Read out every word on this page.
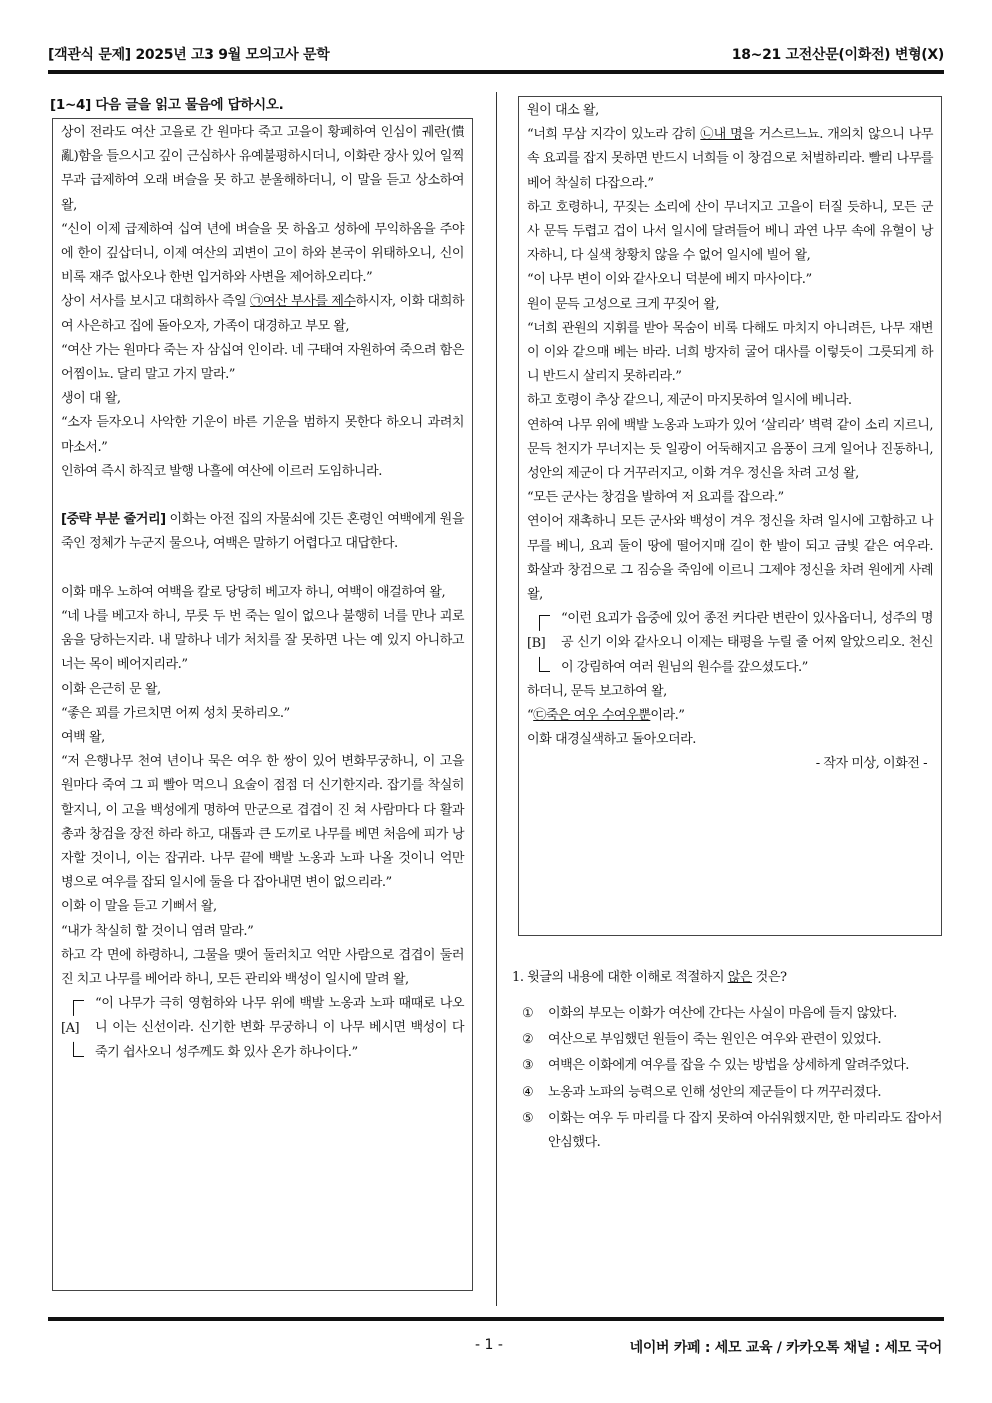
[객관식 문제] 2025년 고3 9월 모의고사 문학	18~21 고전산문(이화전) 변형(X)
[1~4] 다음 글을 읽고 물음에 답하시오.

상이 전라도 여산 고을로 간 원마다 죽고 고을이 황폐하여 인심이 궤란(憒亂)함을 들으시고 깊이 근심하사 유예불평하시더니, 이화란 장사 있어 일찍 무과 급제하여 오래 벼슬을 못 하고 분울해하더니, 이 말을 듣고 상소하여 왈,

“신이 이제 급제하여 십여 년에 벼슬을 못 하옵고 성하에 무익하옴을 주야에 한이 깊삽더니, 이제 여산의 괴변이 고이 하와 본국이 위태하오니, 신이 비록 재주 없사오나 한번 입거하와 사변을 제어하오리다.”

상이 서사를 보시고 대희하사 즉일 ㉠여산 부사를 제수하시자, 이화 대희하여 사은하고 집에 돌아오자, 가족이 대경하고 부모 왈,

“여산 가는 원마다 죽는 자 삼십여 인이라. 네 구태여 자원하여 죽으려 함은 어찜이뇨. 달리 말고 가지 말라.”

생이 대 왈,

“소자 듣자오니 사악한 기운이 바른 기운을 범하지 못한다 하오니 과려치 마소서.”

인하여 즉시 하직코 발행 나흘에 여산에 이르러 도임하니라.

[중략 부분 줄거리] 이화는 아전 집의 자물쇠에 깃든 혼령인 여백에게 원을 죽인 정체가 누군지 물으나, 여백은 말하기 어렵다고 대답한다.

이화 매우 노하여 여백을 칼로 당당히 베고자 하니, 여백이 애걸하여 왈,

“네 나를 베고자 하니, 무릇 두 번 죽는 일이 없으나 불행히 너를 만나 괴로움을 당하는지라. 내 말하나 네가 처치를 잘 못하면 나는 예 있지 아니하고 너는 목이 베어지리라.”

이화 은근히 문 왈,

“좋은 꾀를 가르치면 어찌 성치 못하리오.”

여백 왈,

“저 은행나무 천여 년이나 묵은 여우 한 쌍이 있어 변화무궁하니, 이 고을 원마다 죽여 그 피 빨아 먹으니 요술이 점점 더 신기한지라. 잡기를 착실히 할지니, 이 고을 백성에게 명하여 만군으로 겹겹이 진 쳐 사람마다 다 활과 총과 창검을 장전 하라 하고, 대톱과 큰 도끼로 나무를 베면 처음에 피가 낭자할 것이니, 이는 잡귀라. 나무 끝에 백발 노옹과 노파 나올 것이니 억만 병으로 여우를 잡되 일시에 둘을 다 잡아내면 변이 없으리라.”

이화 이 말을 듣고 기뻐서 왈,

“내가 착실히 할 것이니 염려 말라.”

하고 각 면에 하령하니, 그물을 맺어 둘러치고 억만 사람으로 겹겹이 둘러 진 치고 나무를 베어라 하니, 모든 관리와 백성이 일시에 말려 왈,

[A]

“이 나무가 극히 영험하와 나무 위에 백발 노옹과 노파 때때로 나오니 이는 신선이라. 신기한 변화 무궁하니 이 나무 베시면 백성이 다 죽기 쉽사오니 성주께도 화 있사 온가 하나이다.”

원이 대소 왈,

“너희 무삼 지각이 있노라 감히 ㉡내 명을 거스르느뇨. 개의치 않으니 나무 속 요괴를 잡지 못하면 반드시 너희들 이 창검으로 처벌하리라. 빨리 나무를 베어 착실히 다잡으라.”

하고 호령하니, 꾸짖는 소리에 산이 무너지고 고을이 터질 듯하니, 모든 군사 문득 두렵고 겁이 나서 일시에 달려들어 베니 과연 나무 속에 유혈이 낭자하니, 다 실색 창황치 않을 수 없어 일시에 빌어 왈,

“이 나무 변이 이와 같사오니 덕분에 베지 마사이다.”

원이 문득 고성으로 크게 꾸짖어 왈,

“너희 관원의 지휘를 받아 목숨이 비록 다해도 마치지 아니려든, 나무 재변이 이와 같으매 베는 바라. 너희 방자히 굴어 대사를 이렇듯이 그릇되게 하니 반드시 살리지 못하리라.”

하고 호령이 추상 같으니, 제군이 마지못하여 일시에 베니라.

연하여 나무 위에 백발 노옹과 노파가 있어 ‘살리라’ 벽력 같이 소리 지르니, 문득 천지가 무너지는 듯 일광이 어둑해지고 음풍이 크게 일어나 진동하니, 성안의 제군이 다 거꾸러지고, 이화 겨우 정신을 차려 고성 왈,

“모든 군사는 창검을 발하여 저 요괴를 잡으라.”

연이어 재촉하니 모든 군사와 백성이 겨우 정신을 차려 일시에 고함하고 나무를 베니, 요괴 둘이 땅에 떨어지매 길이 한 발이 되고 금빛 같은 여우라. 화살과 창검으로 그 짐승을 죽임에 이르니 그제야 정신을 차려 원에게 사례 왈,

[B]

“이런 요괴가 읍중에 있어 종전 커다란 변란이 있사옵더니, 성주의 명공 신기 이와 같사오니 이제는 태평을 누릴 줄 어찌 알았으리오. 천신이 강림하여 여러 원님의 원수를 갚으셨도다.”

하더니, 문득 보고하여 왈,

“㉢죽은 여우 수여우뿐이라.”

이화 대경실색하고 돌아오더라.

- 작자 미상, 이화전 -

1. 윗글의 내용에 대한 이해로 적절하지 않은 것은?
①	이화의 부모는 이화가 여산에 간다는 사실이 마음에 들지 않았다.
②	여산으로 부임했던 원들이 죽는 원인은 여우와 관련이 있었다.
③	여백은 이화에게 여우를 잡을 수 있는 방법을 상세하게 알려주었다.
④	노옹과 노파의 능력으로 인해 성안의 제군들이 다 꺼꾸러졌다.
⑤	이화는 여우 두 마리를 다 잡지 못하여 아쉬워했지만, 한 마리라도 잡아서 안심했다.
- 1 -	네이버 카페 : 세모 교육 / 카카오톡 채널 : 세모 국어
